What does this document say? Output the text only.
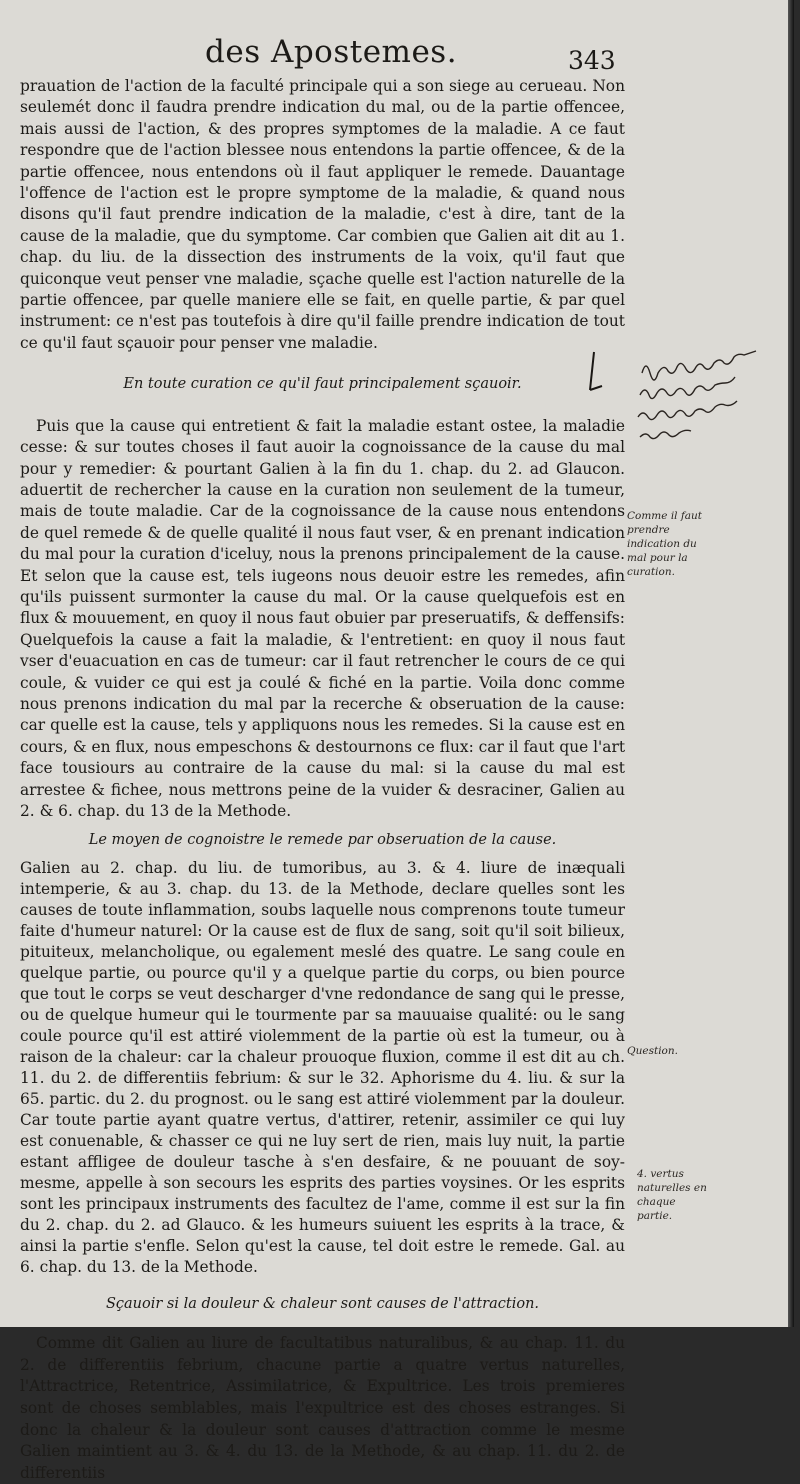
des Apostemes.	343

prauation de l'action de la faculté principale qui a son siege au cerueau. Non seulemét donc il faudra prendre indication du mal, ou de la partie offencee, mais aussi de l'action, & des propres symptomes de la maladie. A ce faut respondre que de l'action blessee nous entendons la partie offencee, & de la partie offencee, nous entendons où il faut appliquer le remede. Dauantage l'offence de l'action est le propre symptome de la maladie, & quand nous disons qu'il faut prendre indication de la maladie, c'est à dire, tant de la cause de la maladie, que du symptome. Car combien que Galien ait dit au 1. chap. du liu. de la dissection des instruments de la voix, qu'il faut que quiconque veut penser vne maladie, sçache quelle est l'action naturelle de la partie offencee, par quelle maniere elle se fait, en quelle partie, & par quel instrument: ce n'est pas toutefois à dire qu'il faille prendre indication de tout ce qu'il faut sçauoir pour penser vne maladie.

En toute curation ce qu'il faut principalement sçauoir.

Puis que la cause qui entretient & fait la maladie estant ostee, la maladie cesse: & sur toutes choses il faut auoir la cognoissance de la cause du mal pour y remedier: & pourtant Galien à la fin du 1. chap. du 2. ad Glaucon. aduertit de rechercher la cause en la curation non seulement de la tumeur, mais de toute maladie. Car de la cognoissance de la cause nous entendons de quel remede & de quelle qualité il nous faut vser, & en prenant indication du mal pour la curation d'iceluy, nous la prenons principalement de la cause. Et selon que la cause est, tels iugeons nous deuoir estre les remedes, afin qu'ils puissent surmonter la cause du mal. Or la cause quelquefois est en flux & mouuement, en quoy il nous faut obuier par preseruatifs, & deffensifs: Quelquefois la cause a fait la maladie, & l'entretient: en quoy il nous faut vser d'euacuation en cas de tumeur: car il faut retrencher le cours de ce qui coule, & vuider ce qui est ja coulé & fiché en la partie. Voila donc comme nous prenons indication du mal par la recerche & obseruation de la cause: car quelle est la cause, tels y appliquons nous les remedes. Si la cause est en cours, & en flux, nous empeschons & destournons ce flux: car il faut que l'art face tousiours au contraire de la cause du mal: si la cause du mal est arrestee & fichee, nous mettrons peine de la vuider & desraciner, Galien au 2. & 6. chap. du 13 de la Methode.

Le moyen de cognoistre le remede par obseruation de la cause.

Galien au 2. chap. du liu. de tumoribus, au 3. & 4. liure de inæquali intemperie, & au 3. chap. du 13. de la Methode, declare quelles sont les causes de toute inflammation, soubs laquelle nous comprenons toute tumeur faite d'humeur naturel: Or la cause est de flux de sang, soit qu'il soit bilieux, pituiteux, melancholique, ou egalement meslé des quatre. Le sang coule en quelque partie, ou pource qu'il y a quelque partie du corps, ou bien pource que tout le corps se veut descharger d'vne redondance de sang qui le presse, ou de quelque humeur qui le tourmente par sa mauuaise qualité: ou le sang coule pource qu'il est attiré violemment de la partie où est la tumeur, ou à raison de la chaleur: car la chaleur prouoque fluxion, comme il est dit au ch. 11. du 2. de differentiis febrium: & sur le 32. Aphorisme du 4. liu. & sur la 65. partic. du 2. du prognost. ou le sang est attiré violemment par la douleur. Car toute partie ayant quatre vertus, d'attirer, retenir, assimiler ce qui luy est conuenable, & chasser ce qui ne luy sert de rien, mais luy nuit, la partie estant affligee de douleur tasche à s'en desfaire, & ne pouuant de soy-mesme, appelle à son secours les esprits des parties voysines. Or les esprits sont les principaux instruments des facultez de l'ame, comme il est sur la fin du 2. chap. du 2. ad Glauco. & les humeurs suiuent les esprits à la trace, & ainsi la partie s'enfle. Selon qu'est la cause, tel doit estre le remede. Gal. au 6. chap. du 13. de la Methode.

Sçauoir si la douleur & chaleur sont causes de l'attraction.

Comme dit Galien au liure de facultatibus naturalibus, & au chap. 11. du 2. de differentiis febrium, chacune partie a quatre vertus naturelles, l'Attractrice, Retentrice, Assimilatrice, & Expultrice. Les trois premieres sont de choses semblables, mais l'expultrice est des choses estranges. Si donc la chaleur & la douleur sont causes d'attraction comme le mesme Galien maintient au 3. & 4. du 13. de la Methode, & au chap. 11. du 2. de differentiis

Comme il faut prendre indication du mal pour la curation.
Question.
4. vertus naturelles en chaque partie.
